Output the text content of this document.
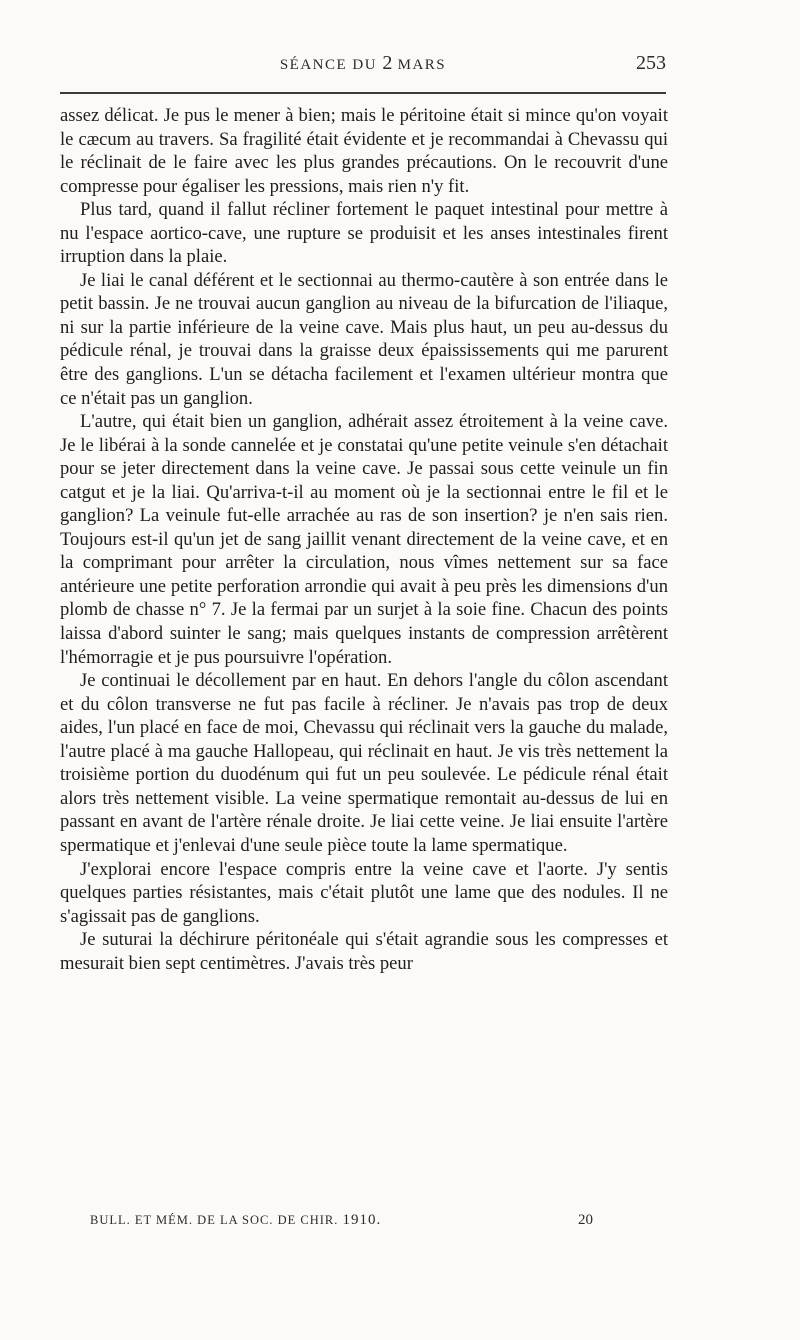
SÉANCE DU 2 MARS	253

assez délicat. Je pus le mener à bien; mais le péritoine était si mince qu'on voyait le cæcum au travers. Sa fragilité était évidente et je recommandai à Chevassu qui le réclinait de le faire avec les plus grandes précautions. On le recouvrit d'une compresse pour égaliser les pressions, mais rien n'y fit.

Plus tard, quand il fallut récliner fortement le paquet intestinal pour mettre à nu l'espace aortico-cave, une rupture se produisit et les anses intestinales firent irruption dans la plaie.

Je liai le canal déférent et le sectionnai au thermo-cautère à son entrée dans le petit bassin. Je ne trouvai aucun ganglion au niveau de la bifurcation de l'iliaque, ni sur la partie inférieure de la veine cave. Mais plus haut, un peu au-dessus du pédicule rénal, je trouvai dans la graisse deux épaississements qui me parurent être des ganglions. L'un se détacha facilement et l'examen ultérieur montra que ce n'était pas un ganglion.

L'autre, qui était bien un ganglion, adhérait assez étroitement à la veine cave. Je le libérai à la sonde cannelée et je constatai qu'une petite veinule s'en détachait pour se jeter directement dans la veine cave. Je passai sous cette veinule un fin catgut et je la liai. Qu'arriva-t-il au moment où je la sectionnai entre le fil et le ganglion? La veinule fut-elle arrachée au ras de son insertion? je n'en sais rien. Toujours est-il qu'un jet de sang jaillit venant directement de la veine cave, et en la comprimant pour arrêter la circulation, nous vîmes nettement sur sa face antérieure une petite perforation arrondie qui avait à peu près les dimensions d'un plomb de chasse n° 7. Je la fermai par un surjet à la soie fine. Chacun des points laissa d'abord suinter le sang; mais quelques instants de compression arrêtèrent l'hémorragie et je pus poursuivre l'opération.

Je continuai le décollement par en haut. En dehors l'angle du côlon ascendant et du côlon transverse ne fut pas facile à récliner. Je n'avais pas trop de deux aides, l'un placé en face de moi, Chevassu qui réclinait vers la gauche du malade, l'autre placé à ma gauche Hallopeau, qui réclinait en haut. Je vis très nettement la troisième portion du duodénum qui fut un peu soulevée. Le pédicule rénal était alors très nettement visible. La veine spermatique remontait au-dessus de lui en passant en avant de l'artère rénale droite. Je liai cette veine. Je liai ensuite l'artère spermatique et j'enlevai d'une seule pièce toute la lame spermatique.

J'explorai encore l'espace compris entre la veine cave et l'aorte. J'y sentis quelques parties résistantes, mais c'était plutôt une lame que des nodules. Il ne s'agissait pas de ganglions.

Je suturai la déchirure péritonéale qui s'était agrandie sous les compresses et mesurait bien sept centimètres. J'avais très peur

BULL. ET MÉM. DE LA SOC. DE CHIR. 1910.	20
